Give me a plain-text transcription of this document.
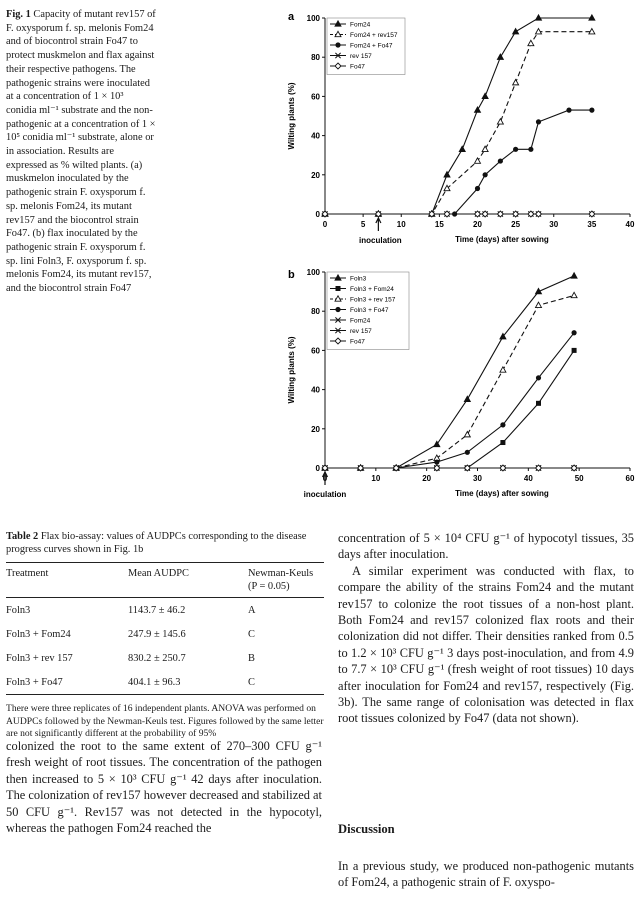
Fig. 1 Capacity of mutant rev157 of F. oxysporum f. sp. melonis Fom24 and of biocontrol strain Fo47 to protect muskmelon and flax against their respective pathogens. The pathogenic strains were inoculated at a concentration of 1 × 10³ conidia ml⁻¹ substrate and the non-pathogenic at a concentration of 1 × 10⁵ conidia ml⁻¹ substrate, alone or in association. Results are expressed as % wilted plants. (a) muskmelon inoculated by the pathogenic strain F. oxysporum f. sp. melonis Fom24, its mutant rev157 and the biocontrol strain Fo47. (b) flax inoculated by the pathogenic strain F. oxysporum f. sp. lini Foln3, F. oxysporum f. sp. melonis Fom24, its mutant rev157, and the biocontrol strain Fo47
0	5	10	15	20	25	30	35	40
0
20
40
60
80
100
a
Wilting plants (%)
Time (days) after sowing
inoculation
Fom24
Fom24 + rev157
Fom24 + Fo47
rev 157
Fo47
0	10	20	30	40	50	60
0
20
40
60
80
100
b
Wilting plants (%)
Time (days) after sowing
inoculation
Foln3
Foln3 + Fom24
Foln3 + rev 157
Foln3 + Fo47
Fom24
rev 157
Fo47
Table 2 Flax bio-assay: values of AUDPCs corresponding to the disease progress curves shown in Fig. 1b
Treatment	Mean AUDPC	Newman-Keuls (P = 0.05)
Foln3	1143.7 ± 46.2	A
Foln3 + Fom24	247.9 ± 145.6	C
Foln3 + rev 157	830.2 ± 250.7	B
Foln3 + Fo47	404.1 ± 96.3	C
There were three replicates of 16 independent plants. ANOVA was performed on AUDPCs followed by the Newman-Keuls test. Figures followed by the same letter are not significantly different at the probability of 95%

colonized the root to the same extent of 270–300 CFU g⁻¹ fresh weight of root tissues. The concentration of the pathogen then increased to 5 × 10³ CFU g⁻¹ 42 days after inoculation. The colonization of rev157 however decreased and stabilized at 50 CFU g⁻¹. Rev157 was not detected in the hypocotyl, whereas the pathogen Fom24 reached the

concentration of 5 × 10⁴ CFU g⁻¹ of hypocotyl tissues, 35 days after inoculation.

A similar experiment was conducted with flax, to compare the ability of the strains Fom24 and the mutant rev157 to colonize the root tissues of a non-host plant. Both Fom24 and rev157 colonized flax roots and their colonization did not differ. Their densities ranked from 0.5 to 1.2 × 10³ CFU g⁻¹ 3 days post-inoculation, and from 4.9 to 7.7 × 10³ CFU g⁻¹ (fresh weight of root tissues) 10 days after inoculation for Fom24 and rev157, respectively (Fig. 3b). The same range of colonisation was detected in flax root tissues colonized by Fo47 (data not shown).

Discussion

In a previous study, we produced non-pathogenic mutants of Fom24, a pathogenic strain of F. oxyspo-
